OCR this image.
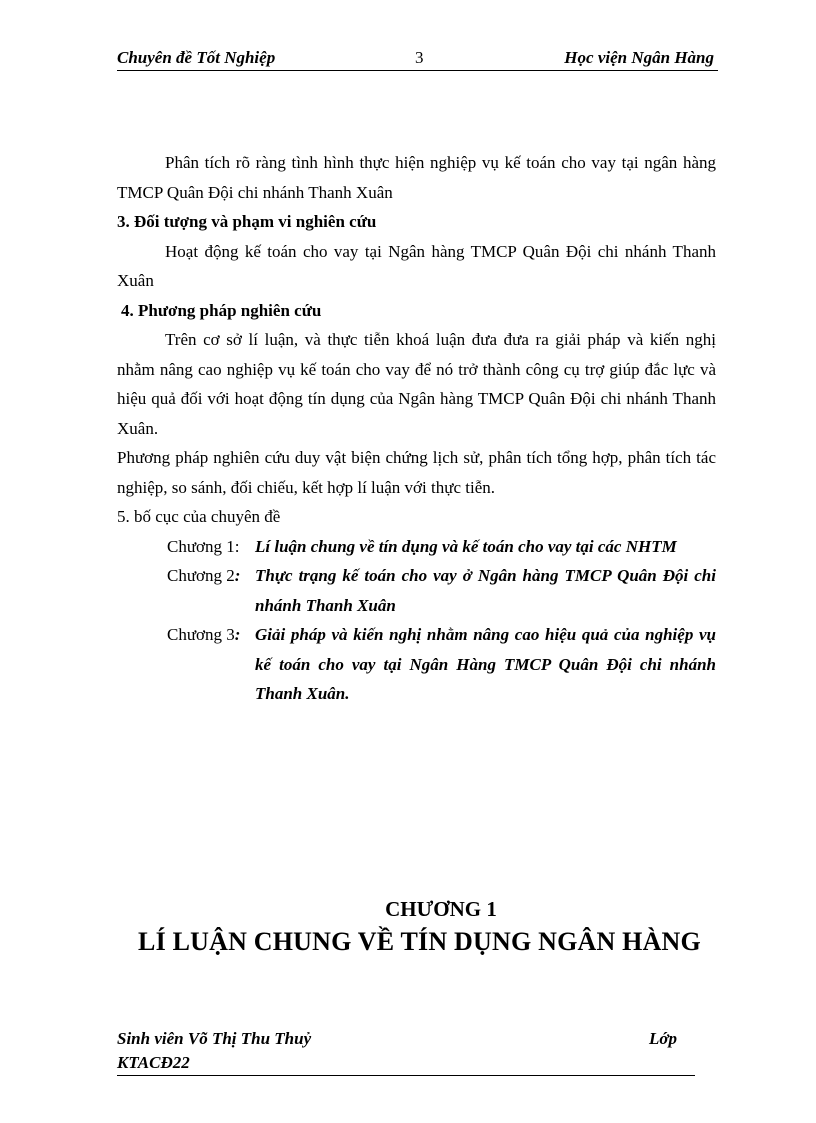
Chuyên đề Tốt Nghiệp	3	Học viện Ngân Hàng

Phân tích rõ ràng tình hình thực hiện nghiệp vụ kế toán cho vay tại ngân hàng TMCP Quân Đội chi nhánh Thanh Xuân

3. Đối tượng và phạm vi nghiên cứu

Hoạt động kế toán cho vay tại Ngân hàng TMCP Quân Đội chi nhánh Thanh Xuân

4. Phương pháp nghiên cứu

Trên cơ sở lí luận, và thực tiễn khoá luận đưa đưa ra giải pháp và kiến nghị nhằm nâng cao nghiệp vụ kế toán cho vay để nó trở thành công cụ trợ giúp đắc lực và hiệu quả đối với hoạt động tín dụng của Ngân hàng TMCP Quân Đội chi nhánh Thanh Xuân.

Phương pháp nghiên cứu duy vật biện chứng lịch sử, phân tích tổng hợp, phân tích tác nghiệp, so sánh, đối chiếu, kết hợp lí luận với thực tiễn.

5. bố cục của chuyên đề

Chương 1: Lí luận chung về tín dụng và kế toán cho vay tại các NHTM
Chương 2: Thực trạng kế toán cho vay ở Ngân hàng TMCP Quân Đội chi nhánh Thanh Xuân
Chương 3: Giải pháp và kiến nghị nhằm nâng cao hiệu quả của nghiệp vụ kế toán cho vay tại Ngân Hàng TMCP Quân Đội chi nhánh Thanh Xuân.
CHƯƠNG 1
LÍ LUẬN CHUNG VỀ TÍN DỤNG NGÂN HÀNG
Sinh viên Võ Thị Thu Thuỷ	Lớp
KTACĐ22
